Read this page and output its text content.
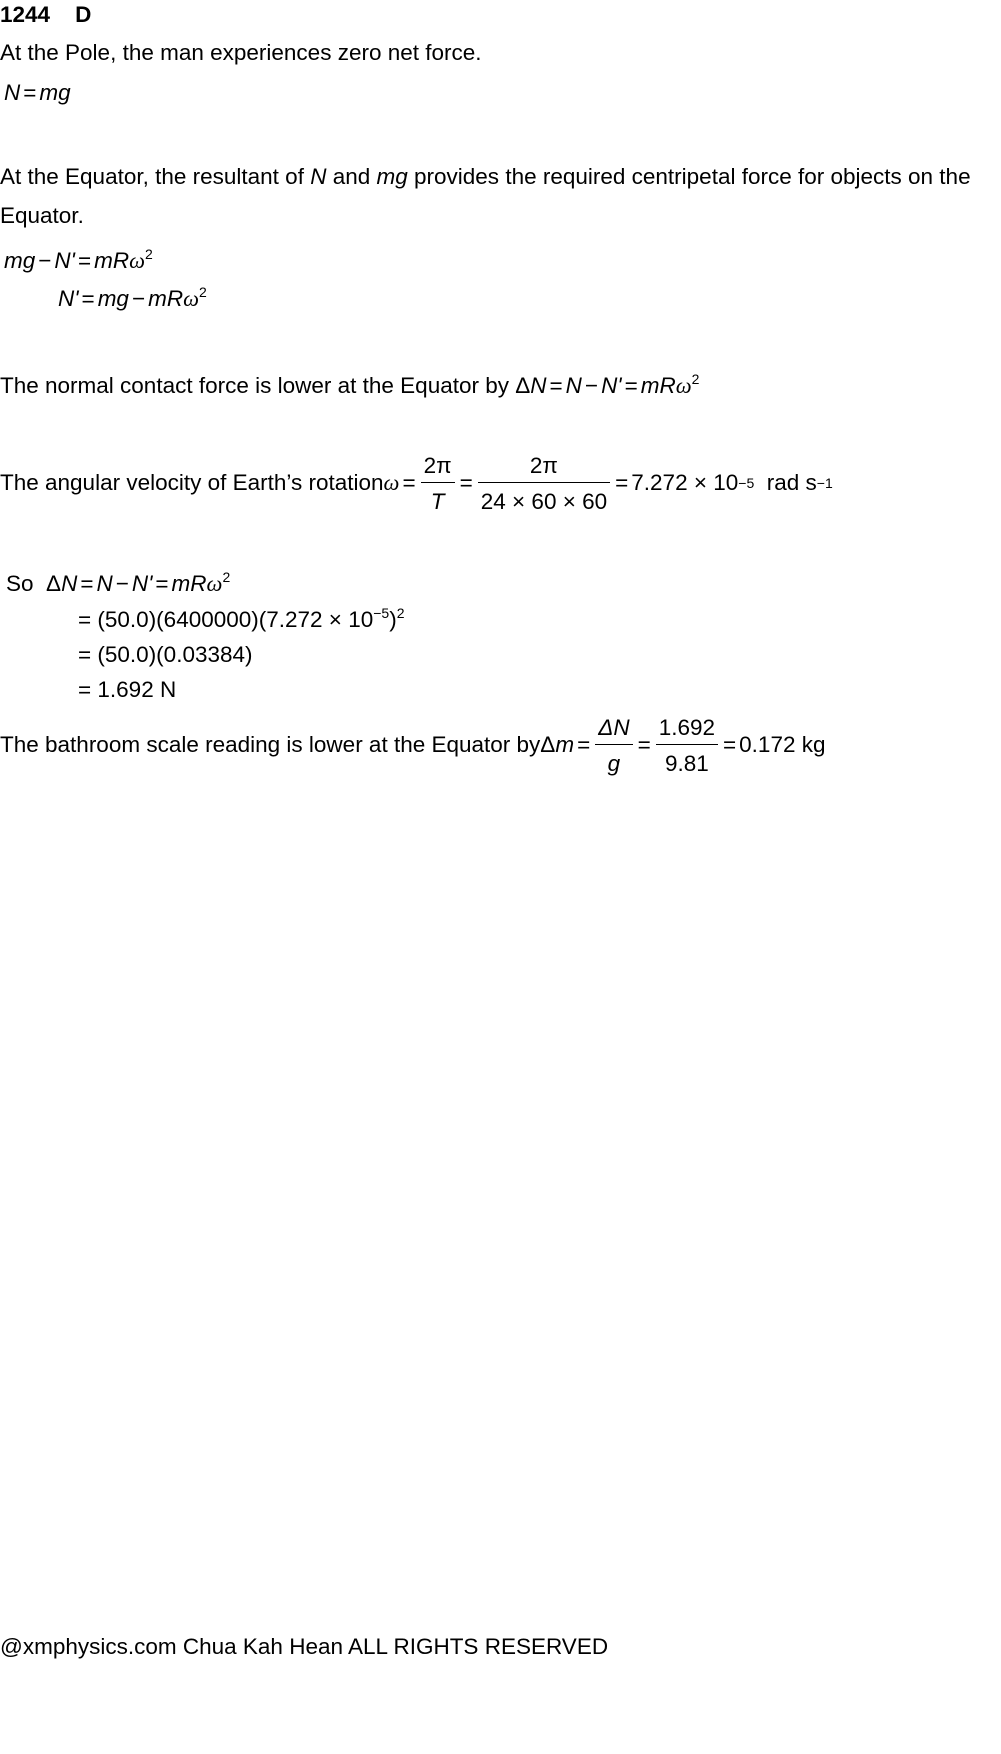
1244 D
At the Pole, the man experiences zero net force.
N = mg
At the Equator, the resultant of N and mg provides the required centripetal force for objects on the
Equator.
mg − N' = mRω$^2$
N' = mg − mRω$^2$
The normal contact force is lower at the Equator by ΔN = N − N' = mRω$^2$
The angular velocity of Earth’s rotation $\omega = \frac{2\pi}{T} = \frac{2\pi}{24 \times 60 \times 60} = 7.272 \times 10 -5$
rad s −1
So ΔN = N − N' = mRω$^2$
= $(50.0)(6400000)(7.272 \times 10^{-5})^2$
= (50.0)(0.03384)
= 1.692 N
The bathroom scale reading is lower at the Equator by Δ $m = \frac{\Delta N}{g} = \frac{1.692}{9.81} = 0.172$ kg
@xmphysics.com Chua Kah Hean ALL RIGHTS RESERVED
